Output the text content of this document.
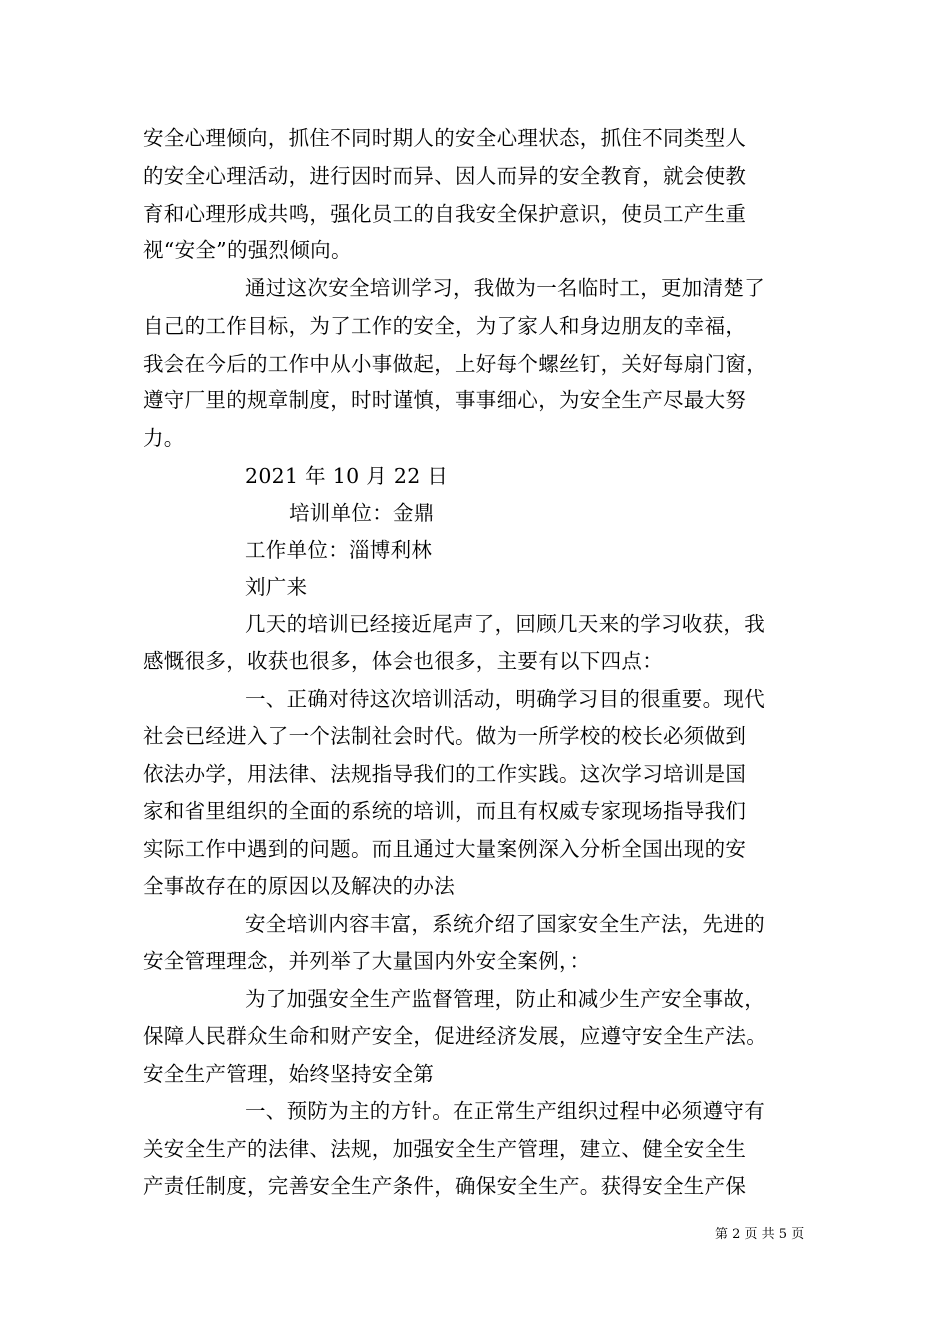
安全心理倾向，抓住不同时期人的安全心理状态，抓住不同类型人
的安全心理活动，进行因时而异、因人而异的安全教育，就会使教
育和心理形成共鸣，强化员工的自我安全保护意识，使员工产生重
视“安全”的强烈倾向。
通过这次安全培训学习，我做为一名临时工，更加清楚了
自己的工作目标，为了工作的安全，为了家人和身边朋友的幸福，
我会在今后的工作中从小事做起，上好每个螺丝钉，关好每扇门窗，
遵守厂里的规章制度，时时谨慎，事事细心，为安全生产尽最大努
力。
2021 年 10 月 22 日
培训单位：金鼎
工作单位：淄博利林
刘广来
几天的培训已经接近尾声了，回顾几天来的学习收获，我
感慨很多，收获也很多，体会也很多，主要有以下四点：
一、正确对待这次培训活动，明确学习目的很重要。现代
社会已经进入了一个法制社会时代。做为一所学校的校长必须做到
依法办学，用法律、法规指导我们的工作实践。这次学习培训是国
家和省里组织的全面的系统的培训，而且有权威专家现场指导我们
实际工作中遇到的问题。而且通过大量案例深入分析全国出现的安
全事故存在的原因以及解决的办法
安全培训内容丰富，系统介绍了国家安全生产法，先进的
安全管理理念，并列举了大量国内外安全案例，：
为了加强安全生产监督管理，防止和减少生产安全事故，
保障人民群众生命和财产安全，促进经济发展，应遵守安全生产法。
安全生产管理，始终坚持安全第
一、预防为主的方针。在正常生产组织过程中必须遵守有
关安全生产的法律、法规，加强安全生产管理，建立、健全安全生
产责任制度，完善安全生产条件，确保安全生产。获得安全生产保
第 2 页 共 5 页
